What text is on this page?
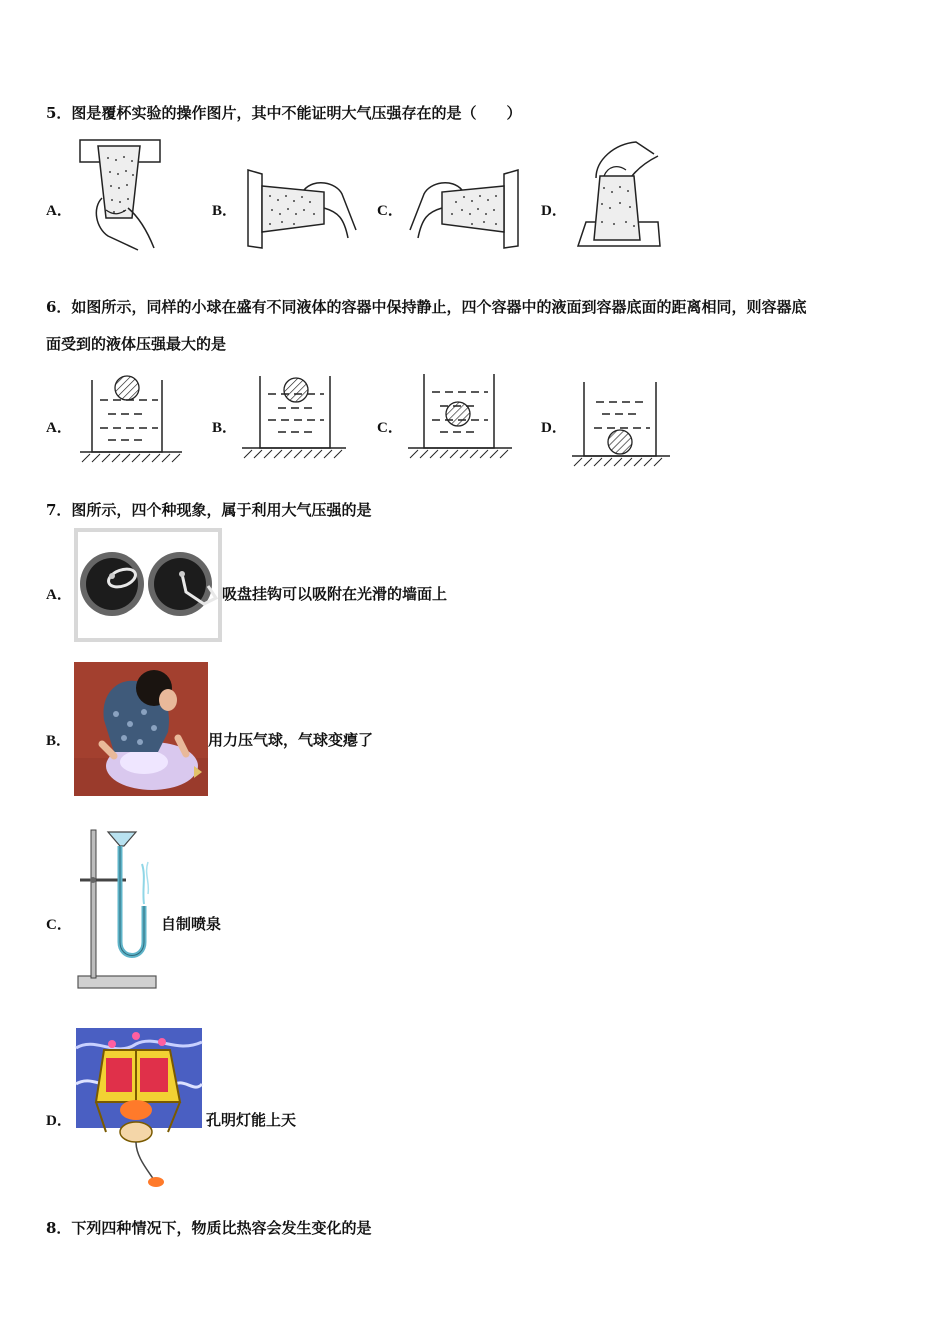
5．图是覆杯实验的操作图片，其中不能证明大气压强存在的是（　　）
A．	B．	C．	D．
6．如图所示，同样的小球在盛有不同液体的容器中保持静止，四个容器中的液面到容器底面的距离相同，则容器底
面受到的液体压强最大的是
A．	B．	C．	D．
7．图所示，四个种现象，属于利用大气压强的是
A．	吸盘挂钩可以吸附在光滑的墙面上
B．	用力压气球，气球变瘪了
C．	自制喷泉
D．	孔明灯能上天
8．下列四种情况下，物质比热容会发生变化的是
